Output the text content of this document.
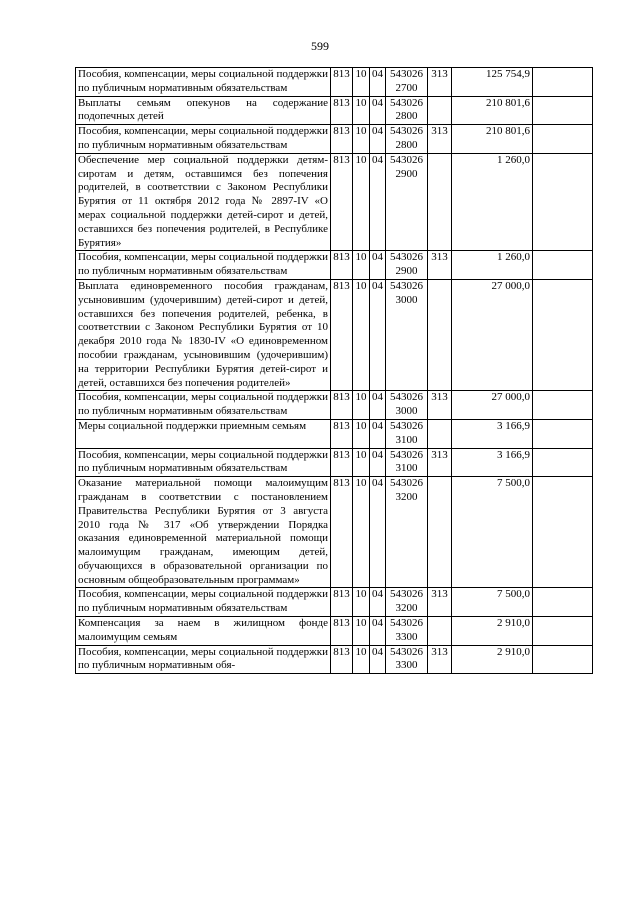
599
Пособия, компенсации, меры социальной поддержки по публичным нормативным обязательствам	813	10	04	543026 2700	313	125 754,9	
Выплаты семьям опекунов на содержание подопечных детей	813	10	04	543026 2800		210 801,6	
Пособия, компенсации, меры социальной поддержки по публичным нормативным обязательствам	813	10	04	543026 2800	313	210 801,6	
Обеспечение мер социальной поддержки детям-сиротам и детям, оставшимся без попечения родителей, в соответствии с Законом Республики Бурятия от 11 октября 2012 года № 2897-IV «О мерах социальной поддержки детей-сирот и детей, оставшихся без попечения родителей, в Республике Бурятия»	813	10	04	543026 2900		1 260,0	
Пособия, компенсации, меры социальной поддержки по публичным нормативным обязательствам	813	10	04	543026 2900	313	1 260,0	
Выплата единовременного пособия гражданам, усыновившим (удочерившим) детей-сирот и детей, оставшихся без попечения родителей, ребенка, в соответствии с Законом Республики Бурятия от 10 декабря 2010 года № 1830-IV «О единовременном пособии гражданам, усыновившим (удочерившим) на территории Республики Бурятия детей-сирот и детей, оставшихся без попечения родителей»	813	10	04	543026 3000		27 000,0	
Пособия, компенсации, меры социальной поддержки по публичным нормативным обязательствам	813	10	04	543026 3000	313	27 000,0	
Меры социальной поддержки приемным семьям	813	10	04	543026 3100		3 166,9	
Пособия, компенсации, меры социальной поддержки по публичным нормативным обязательствам	813	10	04	543026 3100	313	3 166,9	
Оказание материальной помощи малоимущим гражданам в соответствии с постановлением Правительства Республики Бурятия от 3 августа 2010 года № 317 «Об утверждении Порядка оказания единовременной материальной помощи малоимущим гражданам, имеющим детей, обучающихся в образовательной организации по основным общеобразовательным программам»	813	10	04	543026 3200		7 500,0	
Пособия, компенсации, меры социальной поддержки по публичным нормативным обязательствам	813	10	04	543026 3200	313	7 500,0	
Компенсация за наем в жилищном фонде малоимущим семьям	813	10	04	543026 3300		2 910,0	
Пособия, компенсации, меры социальной поддержки по публичным нормативным обя-	813	10	04	543026 3300	313	2 910,0	
